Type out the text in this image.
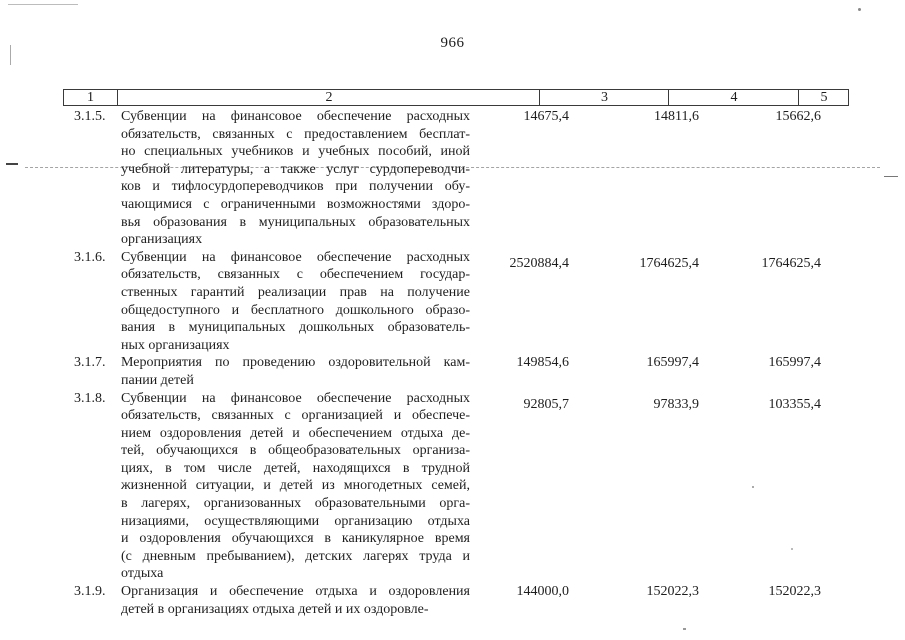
966
1	2	3	4	5
3.1.5. Субвенции на финансовое обеспечение расходных
обязательств, связанных с предоставлением бесплат-
но специальных учебников и учебных пособий, иной
учебной литературы, а также услуг сурдопереводчи-
ков и тифлосурдопереводчиков при получении обу-
чающимися с ограниченными возможностями здоро-
вья образования в муниципальных образовательных
организациях
14675,4	14811,6	15662,6
3.1.6. Субвенции на финансовое обеспечение расходных
обязательств, связанных с обеспечением государ-
ственных гарантий реализации прав на получение
общедоступного и бесплатного дошкольного образо-
вания в муниципальных дошкольных образователь-
ных организациях
2520884,4	1764625,4	1764625,4
3.1.7. Мероприятия по проведению оздоровительной кам-
пании детей
149854,6	165997,4	165997,4
3.1.8. Субвенции на финансовое обеспечение расходных
обязательств, связанных с организацией и обеспече-
нием оздоровления детей и обеспечением отдыха де-
тей, обучающихся в общеобразовательных организа-
циях, в том числе детей, находящихся в трудной
жизненной ситуации, и детей из многодетных семей,
в лагерях, организованных образовательными орга-
низациями, осуществляющими организацию отдыха
и оздоровления обучающихся в каникулярное время
(с дневным пребыванием), детских лагерях труда и
отдыха
92805,7	97833,9	103355,4
3.1.9. Организация и обеспечение отдыха и оздоровления
детей в организациях отдыха детей и их оздоровле-
144000,0	152022,3	152022,3
